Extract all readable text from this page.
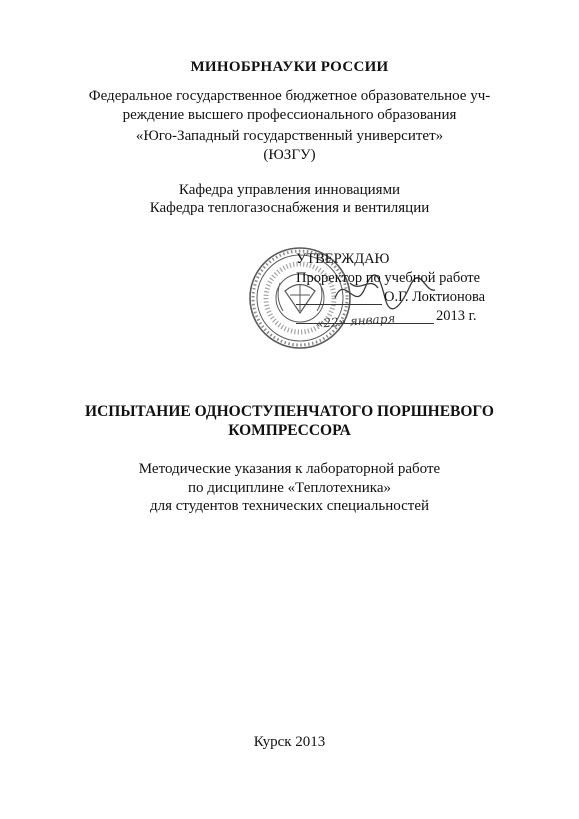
МИНОБРНАУКИ РОССИИ
Федеральное государственное бюджетное образовательное уч-
реждение высшего профессионального образования
«Юго-Западный государственный университет»
(ЮЗГУ)
Кафедра управления инновациями
Кафедра теплогазоснабжения и вентиляции
УТВЕРЖДАЮ
Проректор по учебной работе
О.Г. Локтионова
«22» января	2013 г.
ИСПЫТАНИЕ ОДНОСТУПЕНЧАТОГО ПОРШНЕВОГО
КОМПРЕССОРА
Методические указания к лабораторной работе
по дисциплине «Теплотехника»
для студентов технических специальностей
Курск 2013
